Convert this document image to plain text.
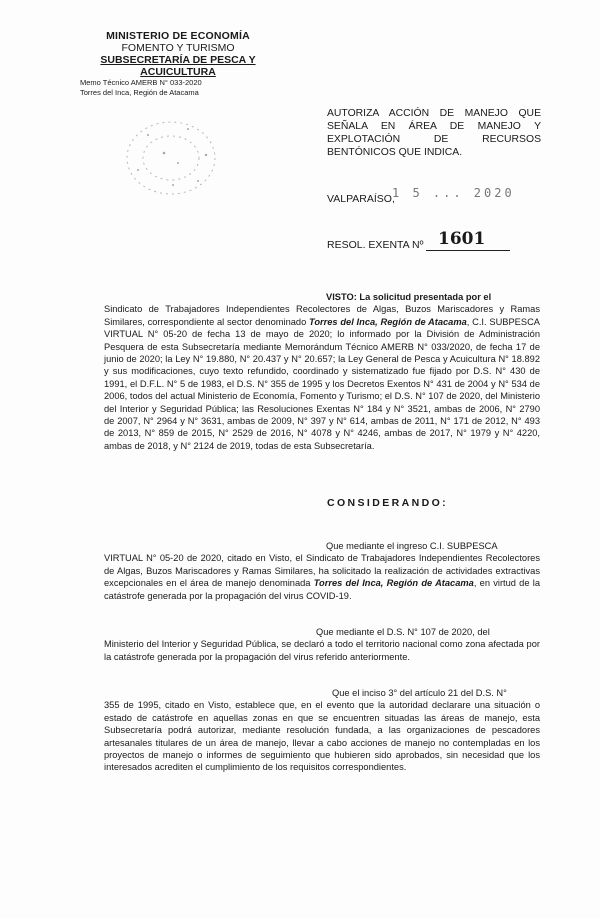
MINISTERIO DE ECONOMÍA
FOMENTO Y TURISMO
SUBSECRETARÍA DE PESCA Y
ACUICULTURA
Memo Técnico AMERB N° 033-2020
Torres del Inca, Región de Atacama
AUTORIZA ACCIÓN DE MANEJO QUE SEÑALA EN ÁREA DE MANEJO Y EXPLOTACIÓN DE RECURSOS BENTÓNICOS QUE INDICA.
VALPARAÍSO,
1 5 ... 2020
RESOL. EXENTA Nº 1601
VISTO: La solicitud presentada por el
Sindicato de Trabajadores Independientes Recolectores de Algas, Buzos Mariscadores y Ramas Similares, correspondiente al sector denominado Torres del Inca, Región de Atacama, C.I. SUBPESCA VIRTUAL N° 05-20 de fecha 13 de mayo de 2020; lo informado por la División de Administración Pesquera de esta Subsecretaría mediante Memorándum Técnico AMERB N° 033/2020, de fecha 17 de junio de 2020; la Ley N° 19.880, N° 20.437 y N° 20.657; la Ley General de Pesca y Acuicultura N° 18.892 y sus modificaciones, cuyo texto refundido, coordinado y sistematizado fue fijado por D.S. N° 430 de 1991, el D.F.L. N° 5 de 1983, el D.S. N° 355 de 1995 y los Decretos Exentos N° 431 de 2004 y N° 534 de 2006, todos del actual Ministerio de Economía, Fomento y Turismo; el D.S. N° 107 de 2020, del Ministerio del Interior y Seguridad Pública; las Resoluciones Exentas N° 184 y N° 3521, ambas de 2006, N° 2790 de 2007, N° 2964 y N° 3631, ambas de 2009, N° 397 y N° 614, ambas de 2011, N° 171 de 2012, N° 493 de 2013, N° 859 de 2015, N° 2529 de 2016, N° 4078 y N° 4246, ambas de 2017, N° 1979 y N° 4220, ambas de 2018, y N° 2124 de 2019, todas de esta Subsecretaría.
CONSIDERANDO:
Que mediante el ingreso C.I. SUBPESCA
VIRTUAL N° 05-20 de 2020, citado en Visto, el Sindicato de Trabajadores Independientes Recolectores de Algas, Buzos Mariscadores y Ramas Similares, ha solicitado la realización de actividades extractivas excepcionales en el área de manejo denominada Torres del Inca, Región de Atacama, en virtud de la catástrofe generada por la propagación del virus COVID-19.
Que mediante el D.S. N° 107 de 2020, del
Ministerio del Interior y Seguridad Pública, se declaró a todo el territorio nacional como zona afectada por la catástrofe generada por la propagación del virus referido anteriormente.
Que el inciso 3° del artículo 21 del D.S. N°
355 de 1995, citado en Visto, establece que, en el evento que la autoridad declarare una situación o estado de catástrofe en aquellas zonas en que se encuentren situadas las áreas de manejo, esta Subsecretaría podrá autorizar, mediante resolución fundada, a las organizaciones de pescadores artesanales titulares de un área de manejo, llevar a cabo acciones de manejo no contempladas en los proyectos de manejo o informes de seguimiento que hubieren sido aprobados, sin necesidad que los interesados acrediten el cumplimiento de los requisitos correspondientes.
